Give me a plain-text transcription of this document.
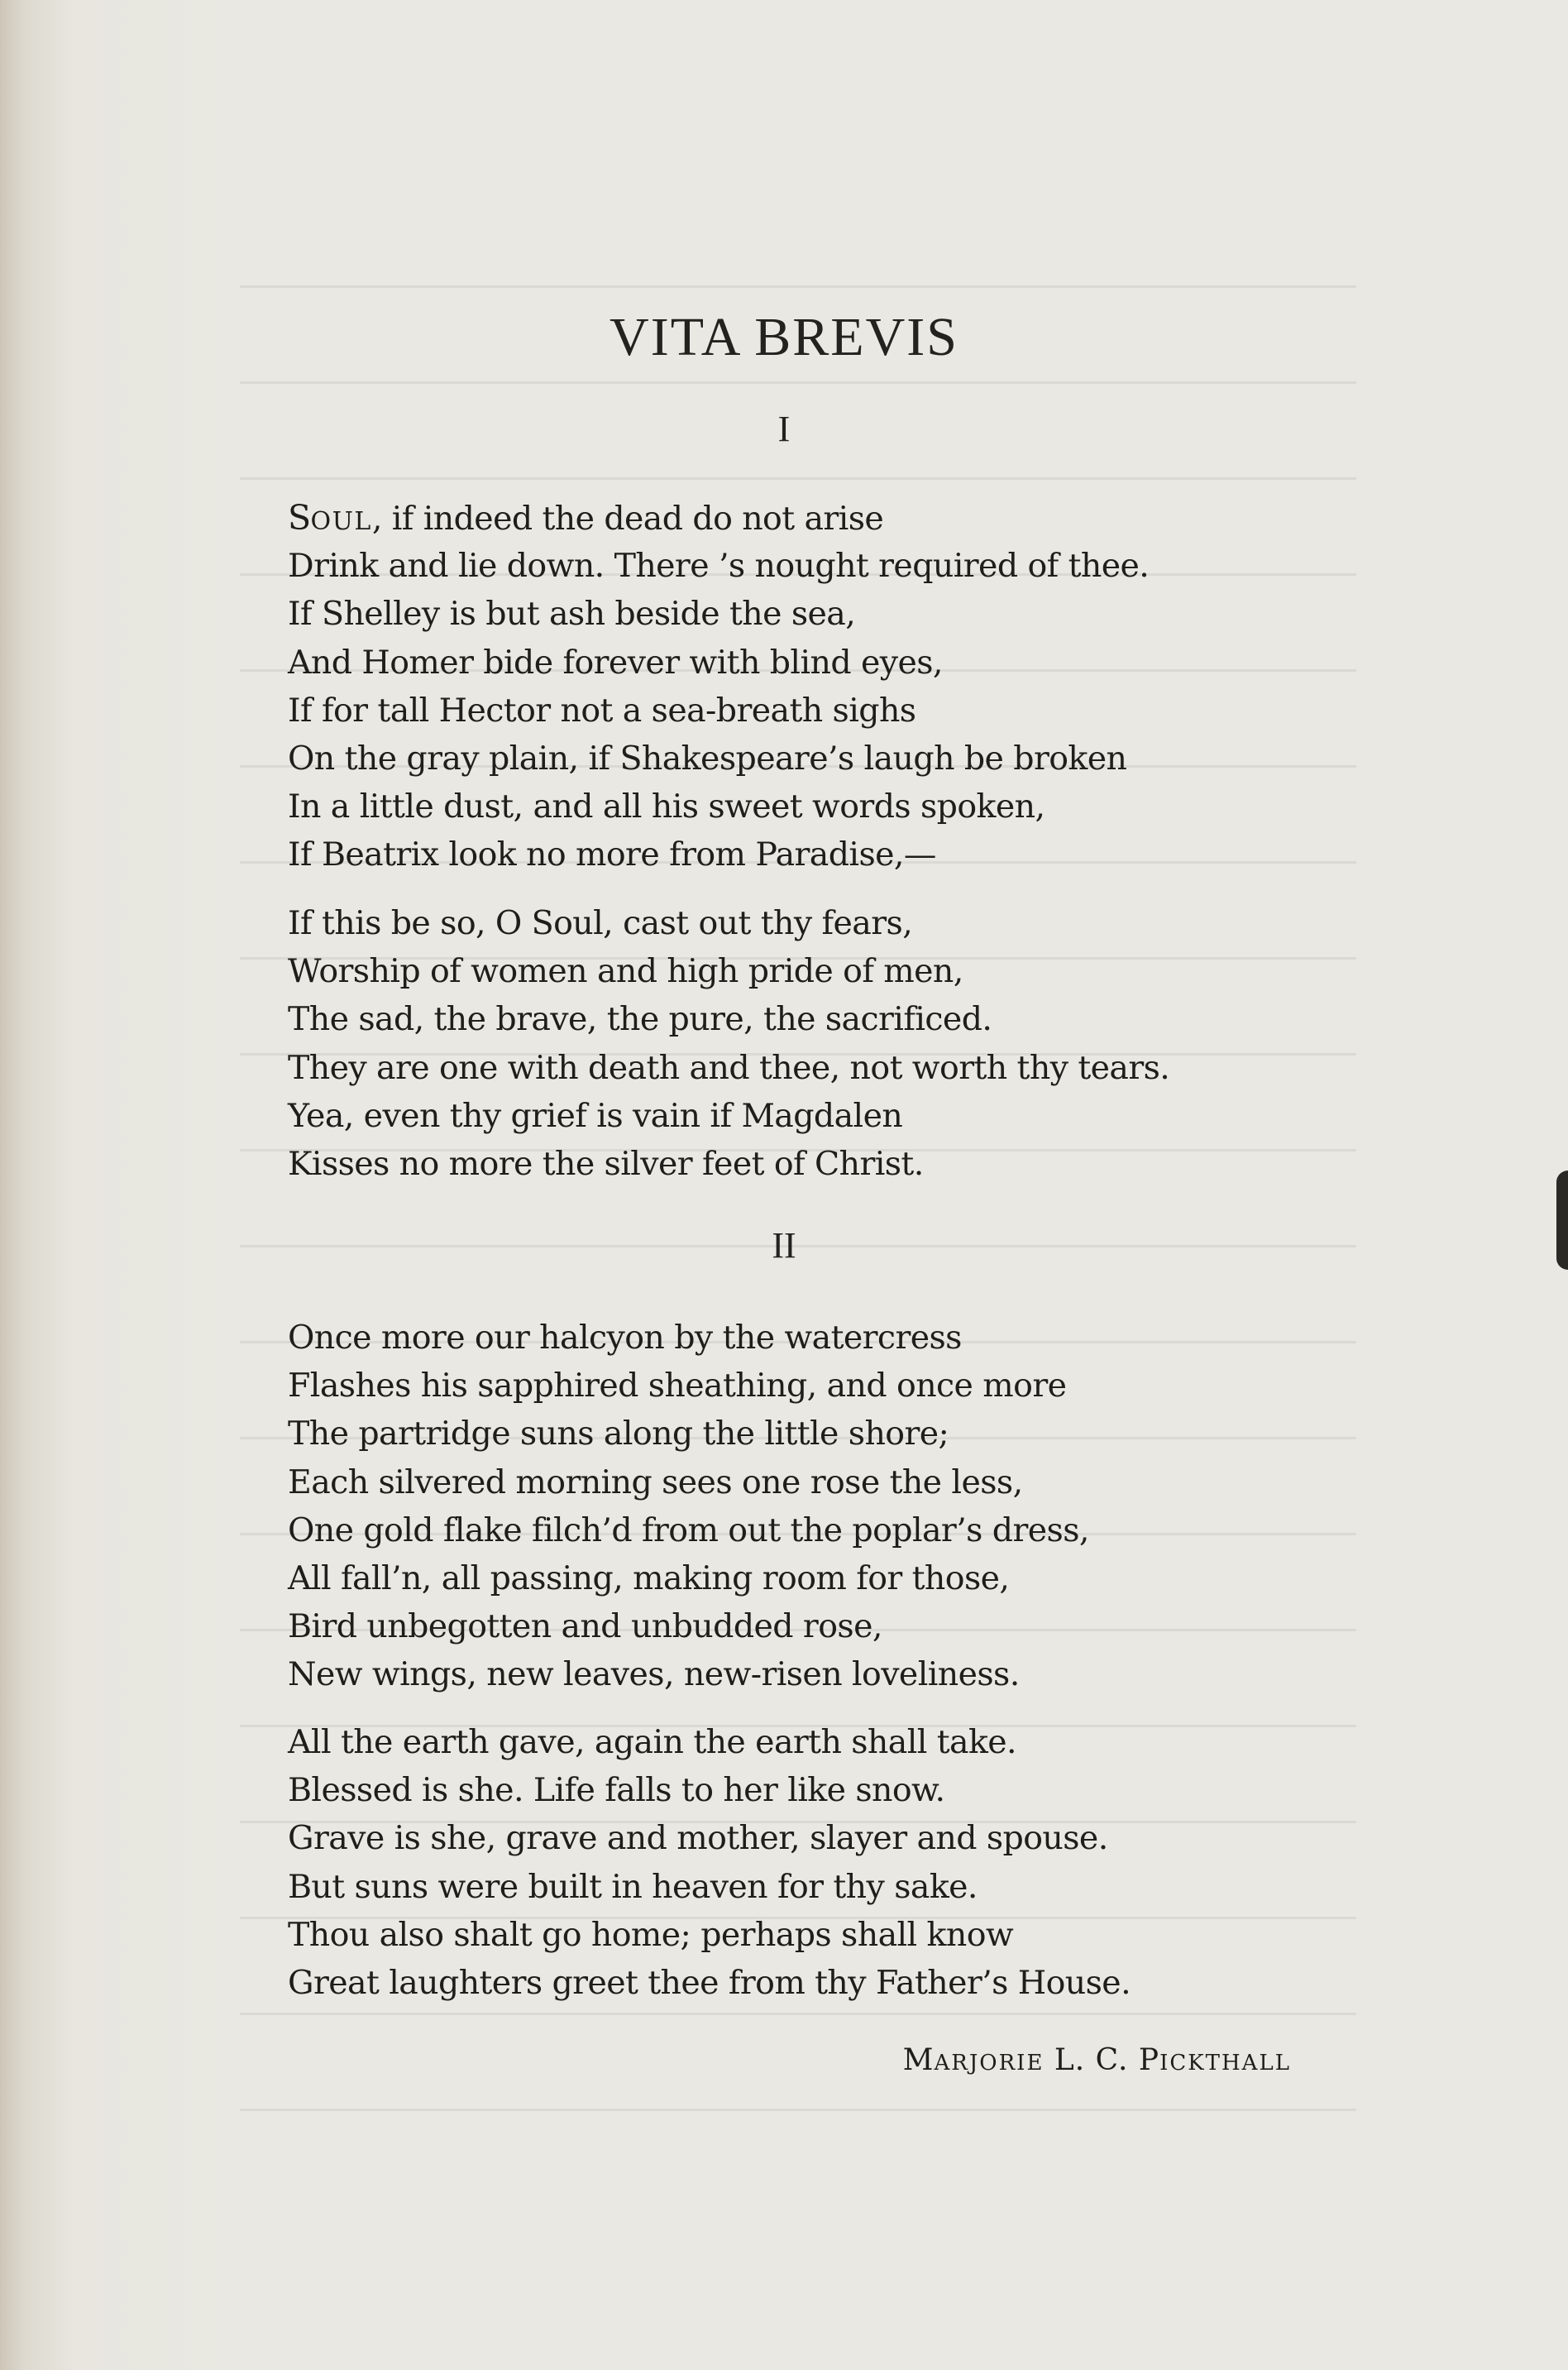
VITA BREVIS
I
SOUL, if indeed the dead do not arise
Drink and lie down. There ’s nought required of thee.
If Shelley is but ash beside the sea,
And Homer bide forever with blind eyes,
If for tall Hector not a sea-breath sighs
On the gray plain, if Shakespeare’s laugh be broken
In a little dust, and all his sweet words spoken,
If Beatrix look no more from Paradise,—
If this be so, O Soul, cast out thy fears,
Worship of women and high pride of men,
The sad, the brave, the pure, the sacrificed.
They are one with death and thee, not worth thy tears.
Yea, even thy grief is vain if Magdalen
Kisses no more the silver feet of Christ.
II
Once more our halcyon by the watercress
Flashes his sapphired sheathing, and once more
The partridge suns along the little shore;
Each silvered morning sees one rose the less,
One gold flake filch’d from out the poplar’s dress,
All fall’n, all passing, making room for those,
Bird unbegotten and unbudded rose,
New wings, new leaves, new-risen loveliness.
All the earth gave, again the earth shall take.
Blessed is she. Life falls to her like snow.
Grave is she, grave and mother, slayer and spouse.
But suns were built in heaven for thy sake.
Thou also shalt go home; perhaps shall know
Great laughters greet thee from thy Father’s House.
MARJORIE L. C. PICKTHALL
